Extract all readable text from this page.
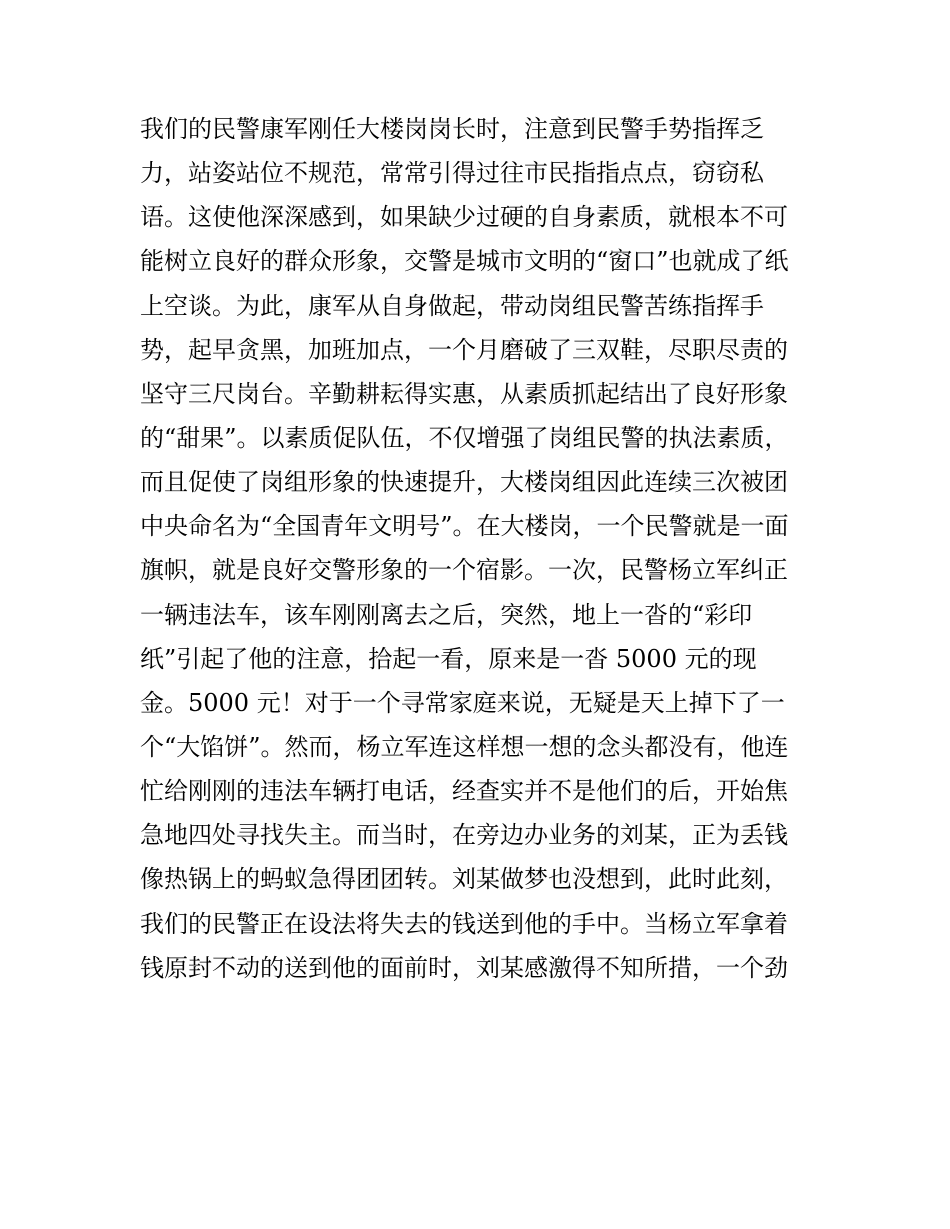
我们的民警康军刚任大楼岗岗长时，注意到民警手势指挥乏
力，站姿站位不规范，常常引得过往市民指指点点，窃窃私
语。这使他深深感到，如果缺少过硬的自身素质，就根本不可
能树立良好的群众形象，交警是城市文明的“窗口”也就成了纸
上空谈。为此，康军从自身做起，带动岗组民警苦练指挥手
势，起早贪黑，加班加点，一个月磨破了三双鞋，尽职尽责的
坚守三尺岗台。辛勤耕耘得实惠，从素质抓起结出了良好形象
的“甜果”。以素质促队伍，不仅增强了岗组民警的执法素质，
而且促使了岗组形象的快速提升，大楼岗组因此连续三次被团
中央命名为“全国青年文明号”。在大楼岗，一个民警就是一面
旗帜，就是良好交警形象的一个宿影。一次，民警杨立军纠正
一辆违法车，该车刚刚离去之后，突然，地上一沓的“彩印
纸”引起了他的注意，拾起一看，原来是一沓 5000 元的现
金。5000 元！对于一个寻常家庭来说，无疑是天上掉下了一
个“大馅饼”。然而，杨立军连这样想一想的念头都没有，他连
忙给刚刚的违法车辆打电话，经查实并不是他们的后，开始焦
急地四处寻找失主。而当时，在旁边办业务的刘某，正为丢钱
像热锅上的蚂蚁急得团团转。刘某做梦也没想到，此时此刻，
我们的民警正在设法将失去的钱送到他的手中。当杨立军拿着
钱原封不动的送到他的面前时，刘某感激得不知所措，一个劲
